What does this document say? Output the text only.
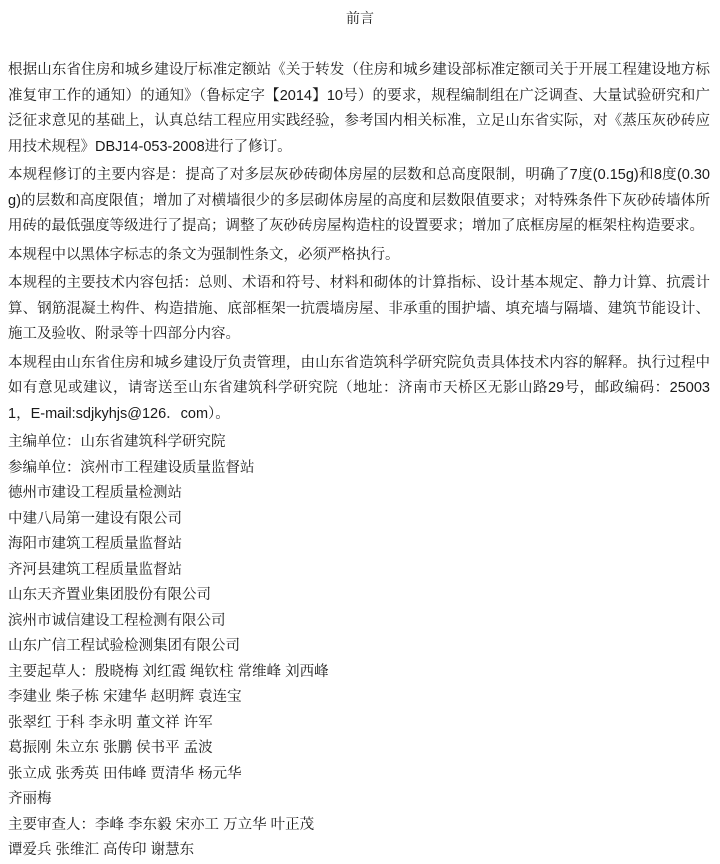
前言

根据山东省住房和城乡建设厅标准定额站《关于转发（住房和城乡建设部标准定额司关于开展工程建设地方标准复审工作的通知）的通知》（鲁标定字【2014】10号）的要求，规程编制组在广泛调查、大量试验研究和广泛征求意见的基础上，认真总结工程应用实践经验，参考国内相关标准，立足山东省实际，对《蒸压灰砂砖应用技术规程》DBJ14-053-2008进行了修订。

本规程修订的主要内容是：提高了对多层灰砂砖砌体房屋的层数和总高度限制，明确了7度(0.15g)和8度(0.30g)的层数和高度限值；增加了对横墙很少的多层砌体房屋的高度和层数限值要求；对特殊条件下灰砂砖墙体所用砖的最低强度等级进行了提高；调整了灰砂砖房屋构造柱的设置要求；增加了底框房屋的框架柱构造要求。

本规程中以黑体字标志的条文为强制性条文，必须严格执行。

本规程的主要技术内容包括：总则、术语和符号、材料和砌体的计算指标、设计基本规定、静力计算、抗震计算、钢筋混凝土构件、构造措施、底部框架一抗震墙房屋、非承重的围护墙、填充墙与隔墙、建筑节能设计、施工及验收、附录等十四部分内容。

本规程由山东省住房和城乡建设厅负责管理，由山东省造筑科学研究院负责具体技术内容的解释。执行过程中如有意见或建议，请寄送至山东省建筑科学研究院（地址：济南市天桥区无影山路29号，邮政编码：250031，E-mail:sdjkyhjs@126．com）。

主编单位：山东省建筑科学研究院

参编单位：滨州市工程建设质量监督站

德州市建设工程质量检测站

中建八局第一建设有限公司

海阳市建筑工程质量监督站

齐河县建筑工程质量监督站

山东天齐置业集团股份有限公司

滨州市诚信建设工程检测有限公司

山东广信工程试验检测集团有限公司

主要起草人：殷晓梅 刘红霞 绳钦柱 常维峰 刘西峰

李建业 柴子栋 宋建华 赵明辉 袁连宝

张翠红 于科 李永明 董文祥 许军

葛振刚 朱立东 张鹏 侯书平 孟波

张立成 张秀英 田伟峰 贾清华 杨元华

齐丽梅

主要审查人：李峰 李东毅 宋亦工 万立华 叶正茂

谭爱兵 张维汇 高传印 谢慧东
